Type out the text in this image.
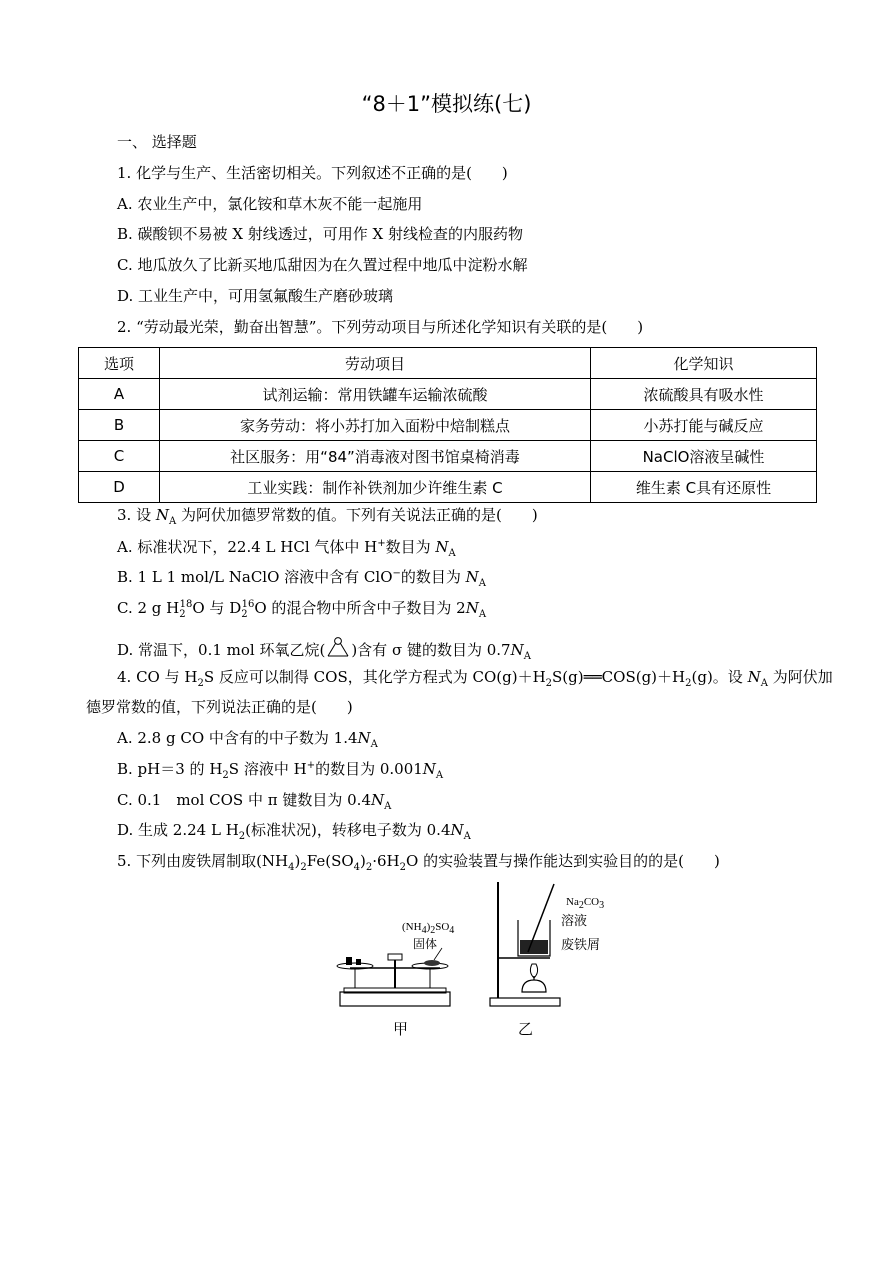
“8＋1”模拟练(七)
一、 选择题
1. 化学与生产、生活密切相关。下列叙述不正确的是(　　)
A. 农业生产中，氯化铵和草木灰不能一起施用
B. 碳酸钡不易被 X 射线透过，可用作 X 射线检查的内服药物
C. 地瓜放久了比新买地瓜甜因为在久置过程中地瓜中淀粉水解
D. 工业生产中，可用氢氟酸生产磨砂玻璃
2. “劳动最光荣，勤奋出智慧”。下列劳动项目与所述化学知识有关联的是(　　)
选项	劳动项目	化学知识
A	试剂运输：常用铁罐车运输浓硫酸	浓硫酸具有吸水性
B	家务劳动：将小苏打加入面粉中焙制糕点	小苏打能与碱反应
C	社区服务：用“84”消毒液对图书馆桌椅消毒	NaClO溶液呈碱性
D	工业实践：制作补铁剂加少许维生素 C	维生素 C具有还原性
3. 设 $N_A$ 为阿伏加德罗常数的值。下列有关说法正确的是(　　)
A. 标准状况下，22.4 L HCl 气体中 H+数目为 $N_A$
B. 1 L 1 mol/L NaClO 溶液中含有 ClO−的数目为 $N_A$
C. 2 g $H_2^{18}O$ 与 $D_2^{16}O$ 的混合物中所含中子数目为 $2N_A$
D. 常温下，0.1 mol 环氧乙烷( )含有 σ 键的数目为 $0.7N_A$
4. CO 与 $H_2S$ 反应可以制得 COS，其化学方程式为 $CO(g)+H_2S(g)══COS(g)+H_2(g)$。设 $N_A$ 为阿伏加
德罗常数的值，下列说法正确的是(　　)
A. 2.8 g CO 中含有的中子数为 $1.4N_A$
B. pH＝3 的 $H_2S$ 溶液中 H+的数目为 $0.001N_A$
C. 0.1　mol COS 中 π 键数目为 $0.4N_A$
D. 生成 2.24 L $H_2$(标准状况)，转移电子数为 $0.4N_A$
5. 下列由废铁屑制取$(NH_4)_2Fe(SO_4)_2\cdot 6H_2O$ 的实验装置与操作能达到实验目的的是(　　)
$(NH_4)_2SO_4$
固体
$Na_2CO_3$
溶液
废铁屑
甲	乙
